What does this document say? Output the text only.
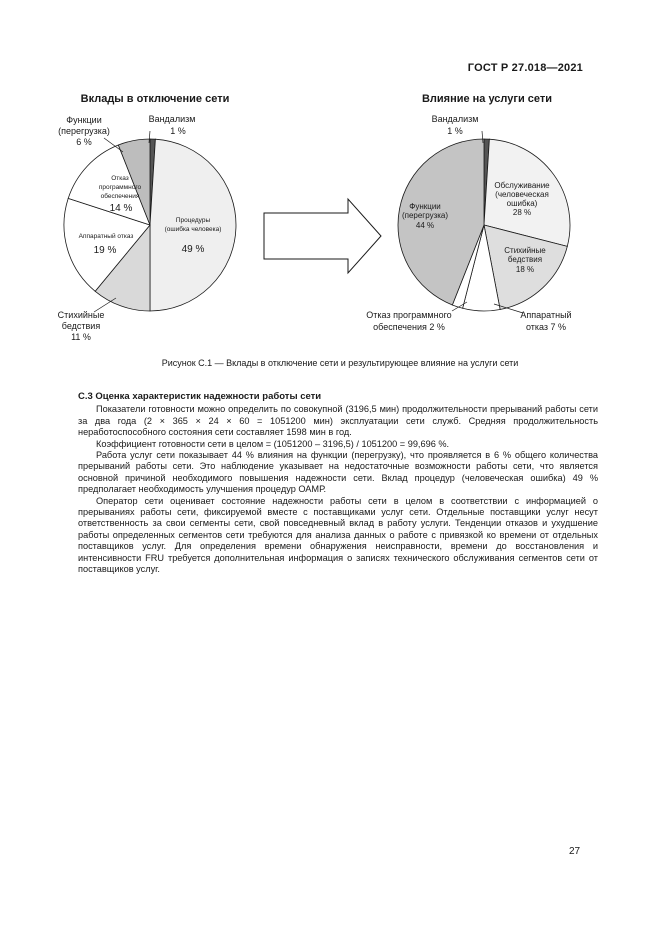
ГОСТ Р 27.018—2021
Вклады в отключение сети	Влияние на услуги сети
Вандализм
1 %
Функции
(перегрузка)
6 %
Отказ
программного
обеспечения
14 %
Аппаратный отказ
19 %
Процедуры
(ошибка человека)
49 %
Стихийные
бедствия
11 %
Вандализм
1 %
Обслуживание
(человеческая
ошибка)
28 %
Стихийные
бедствия
18 %
Функции
(перегрузка)
44 %
Аппаратный
отказ 7 %
Отказ программного
обеспечения 2 %
Рисунок С.1 — Вклады в отключение сети и результирующее влияние на услуги сети
С.3 Оценка характеристик надежности работы сети

Показатели готовности можно определить по совокупной (3196,5 мин) продолжительности прерываний работы сети за два года (2 × 365 × 24 × 60 = 1051200 мин) эксплуатации сети служб. Средняя продолжительность неработоспособного состояния сети составляет 1598 мин в год.

Коэффициент готовности сети в целом = (1051200 – 3196,5) / 1051200 = 99,696 %.

Работа услуг сети показывает 44 % влияния на функции (перегрузку), что проявляется в 6 % общего количества прерываний работы сети. Это наблюдение указывает на недостаточные возможности работы сети, что является основной причиной необходимого повышения надежности сети. Вклад процедур (человеческая ошибка) 49 % предполагает необходимость улучшения процедур ОАМР.

Оператор сети оценивает состояние надежности работы сети в целом в соответствии с информацией о прерываниях работы сети, фиксируемой вместе с поставщиками услуг сети. Отдельные поставщики услуг несут ответственность за свои сегменты сети, свой повседневный вклад в работу услуги. Тенденции отказов и ухудшение работы определенных сегментов сети требуются для анализа данных о работе с привязкой ко времени от отдельных поставщиков услуг. Для определения времени обнаружения неисправности, времени до восстановления и интенсивности FRU требуется дополнительная информация о записях технического обслуживания сегментов сети от поставщиков услуг.

27
